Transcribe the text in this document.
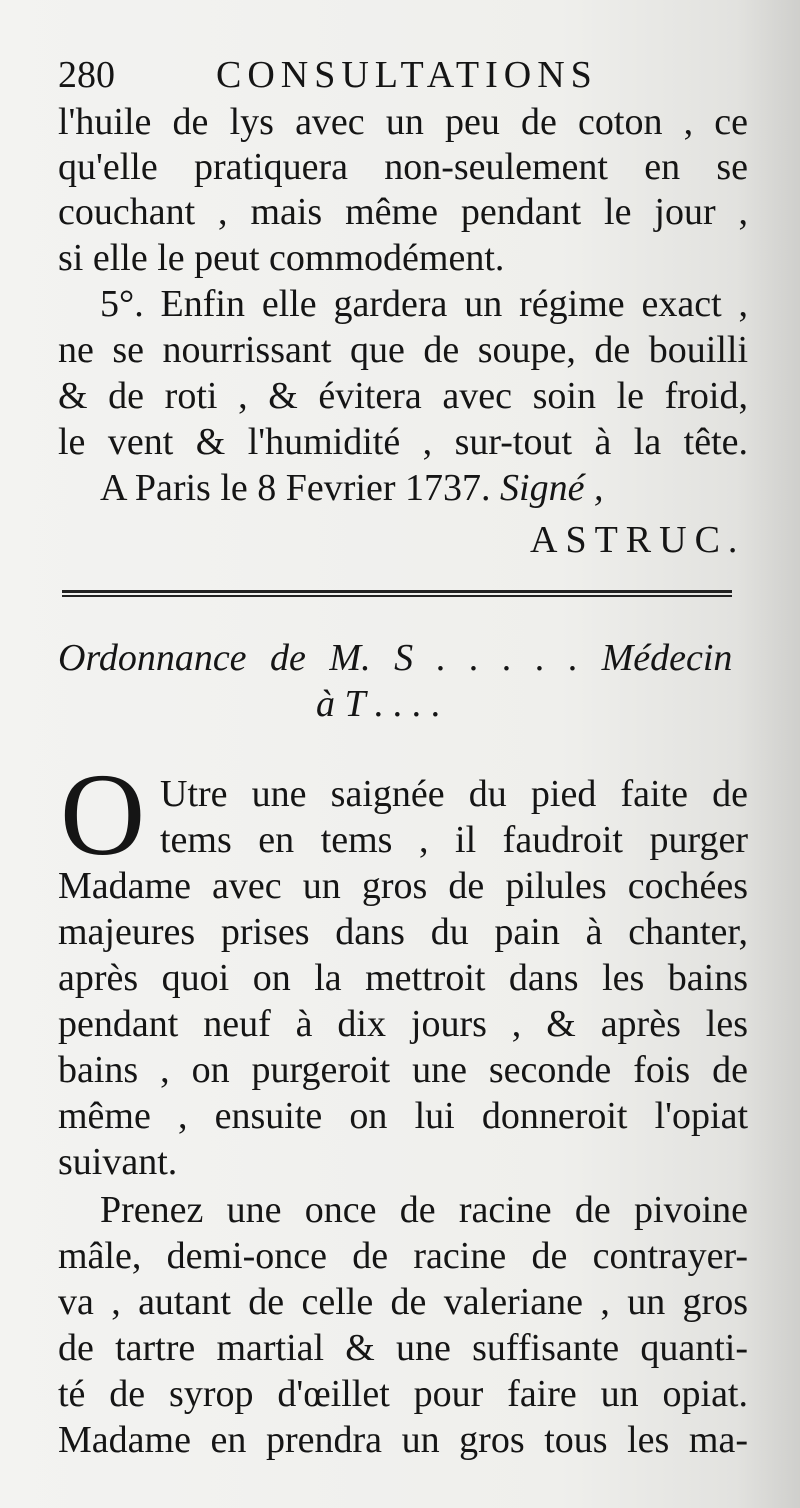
280	CONSULTATIONS
l'huile de lys avec un peu de coton , ce
qu'elle pratiquera non-seulement en se
couchant , mais même pendant le jour ,
si elle le peut commodément.
5°. Enfin elle gardera un régime exact ,
ne se nourrissant que de soupe, de bouilli
& de roti , & évitera avec soin le froid,
le vent & l'humidité , sur-tout à la tête.
A Paris le 8 Fevrier 1737. Signé ,
ASTRUC.
Ordonnance de M. S . . . . . Médecin
à T . . . .
O Utre une saignée du pied faite de
tems en tems , il faudroit purger
Madame avec un gros de pilules cochées
majeures prises dans du pain à chanter,
après quoi on la mettroit dans les bains
pendant neuf à dix jours , & après les
bains , on purgeroit une seconde fois de
même , ensuite on lui donneroit l'opiat
suivant.
Prenez une once de racine de pivoine
mâle, demi-once de racine de contrayer-
va , autant de celle de valeriane , un gros
de tartre martial & une suffisante quanti-
té de syrop d'œillet pour faire un opiat.
Madame en prendra un gros tous les ma-
